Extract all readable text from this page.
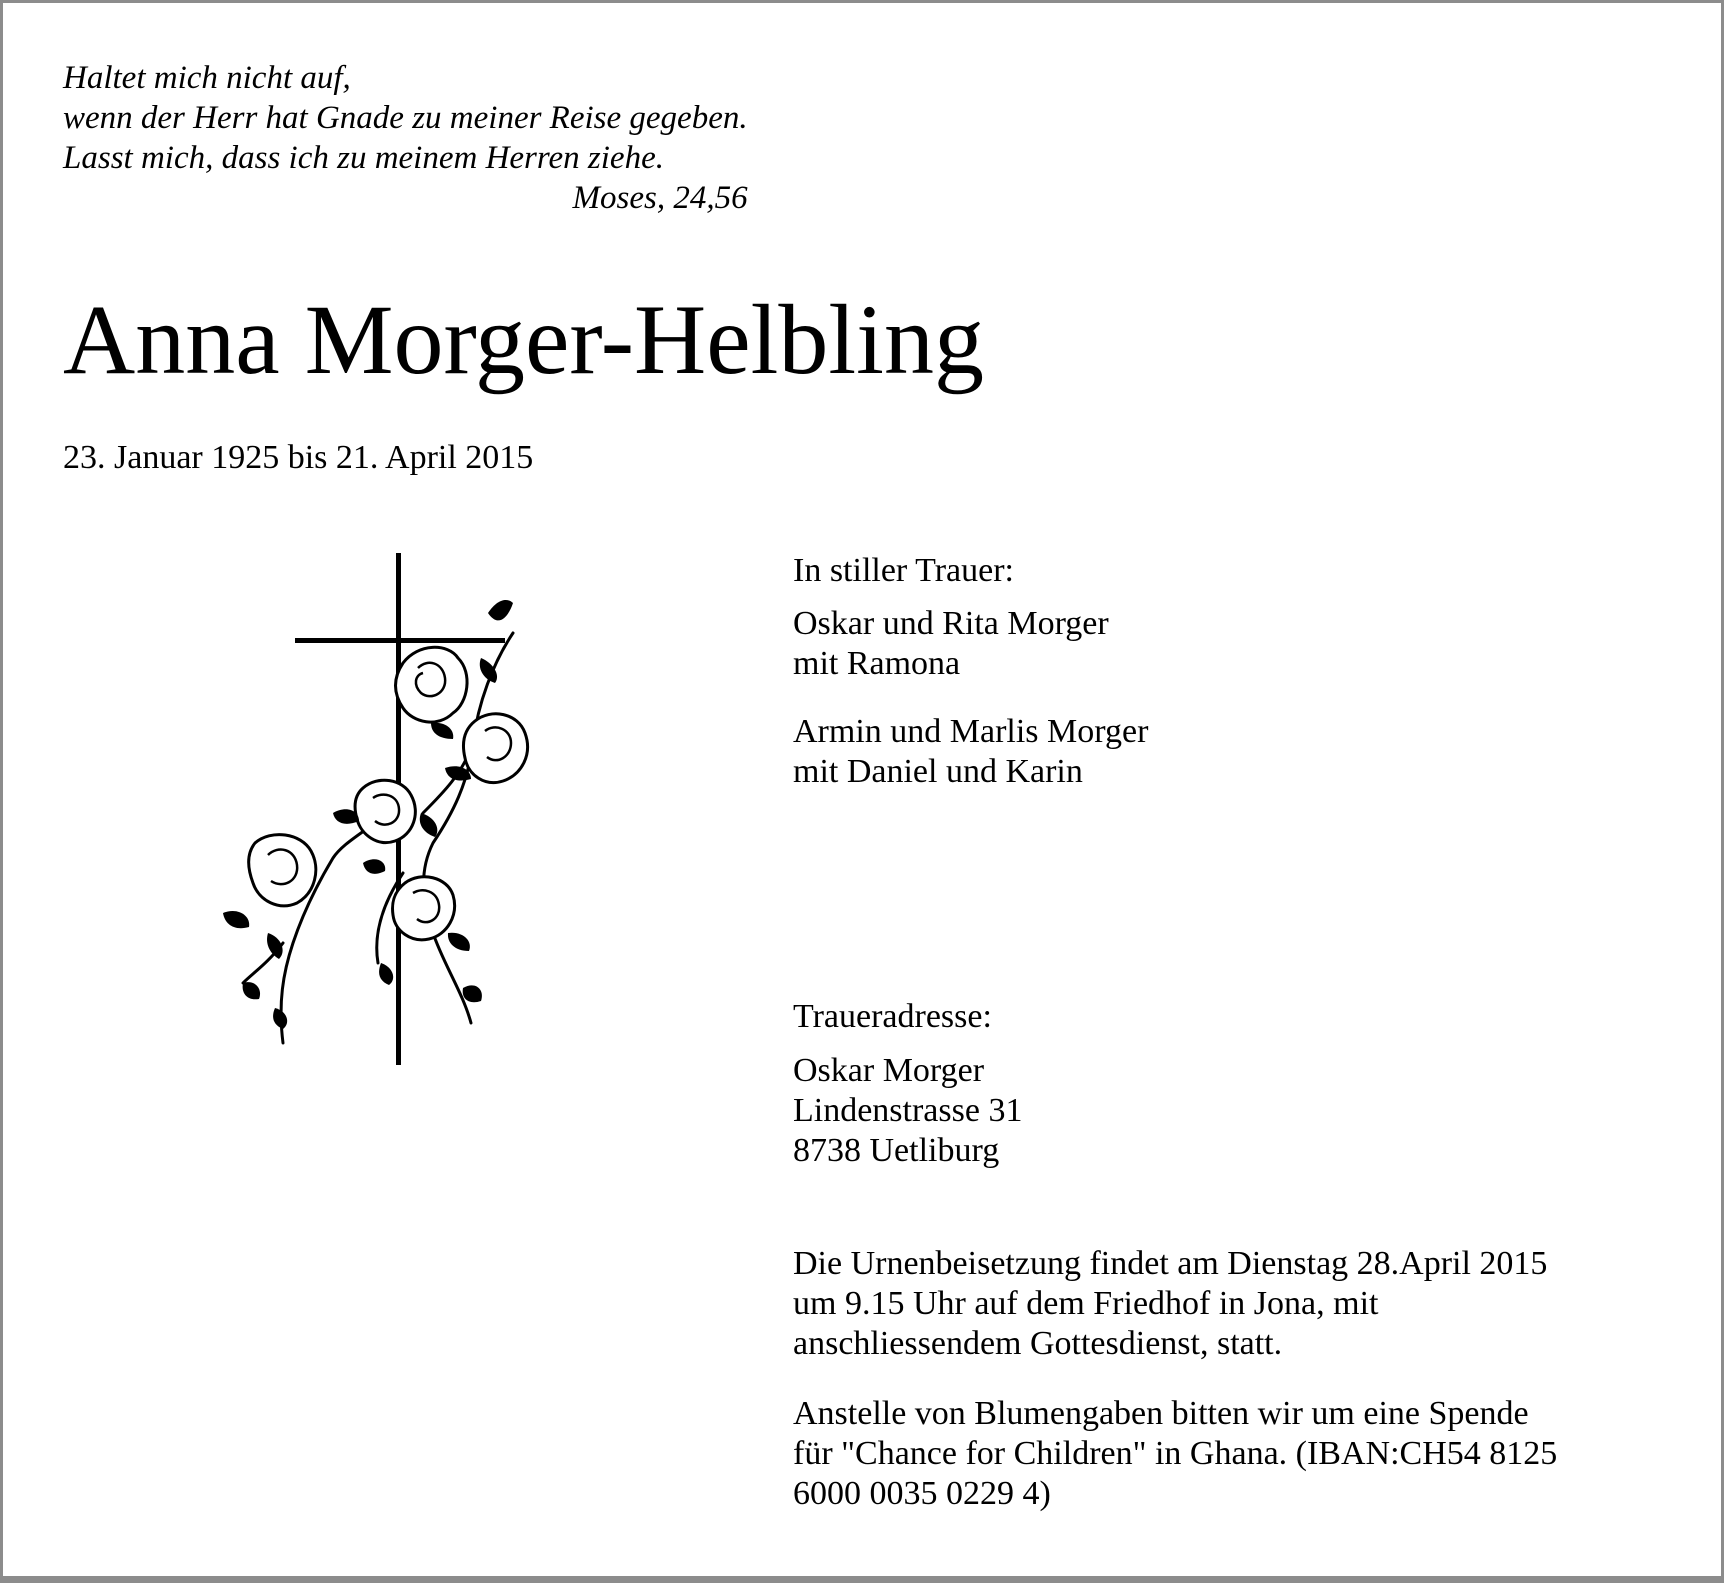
Haltet mich nicht auf,
wenn der Herr hat Gnade zu meiner Reise gegeben.
Lasst mich, dass ich zu meinem Herren ziehe.
Moses, 24,56
Anna Morger-Helbling
23. Januar 1925 bis 21. April 2015
In stiller Trauer:
Oskar und Rita Morger
mit Ramona
Armin und Marlis Morger
mit Daniel und Karin
Traueradresse:
Oskar Morger
Lindenstrasse 31
8738 Uetliburg
Die Urnenbeisetzung findet am Dienstag 28.April 2015
um 9.15 Uhr auf dem Friedhof in Jona, mit
anschliessendem Gottesdienst, statt.
Anstelle von Blumengaben bitten wir um eine Spende
für "Chance for Children" in Ghana. (IBAN:CH54 8125
6000 0035 0229 4)
